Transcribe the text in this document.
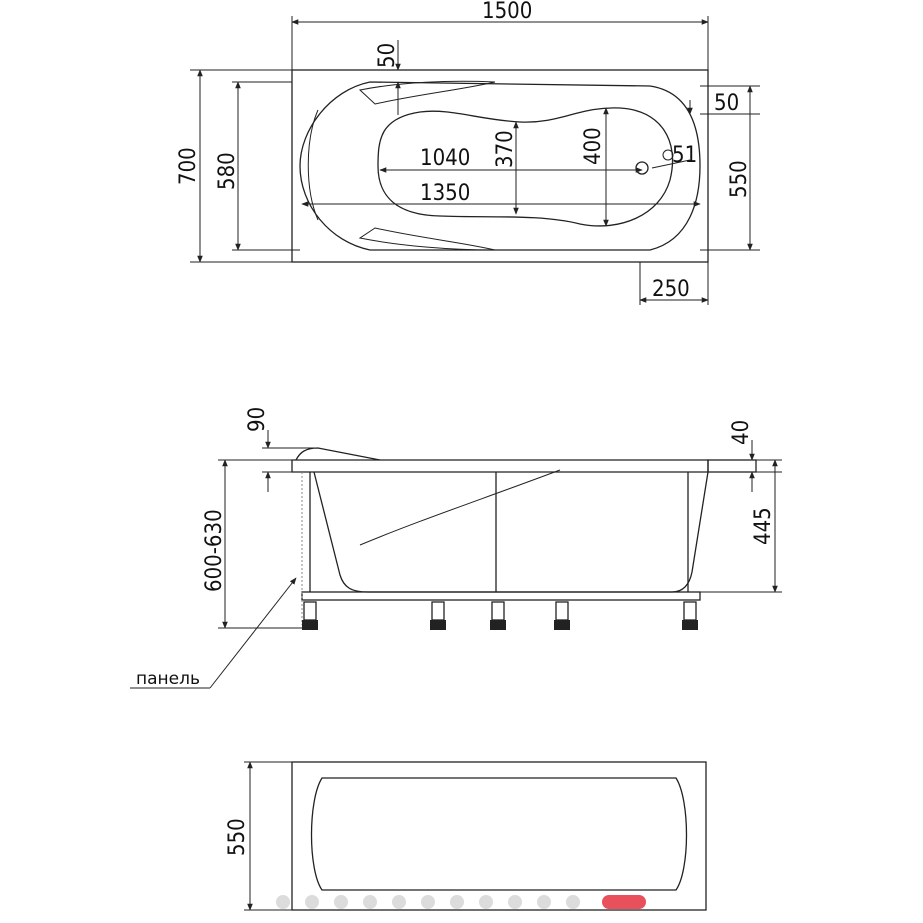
1500
50
700 580	1040 370	400	51
1350
50
550
250
90
40
600-630	445
панель
550
